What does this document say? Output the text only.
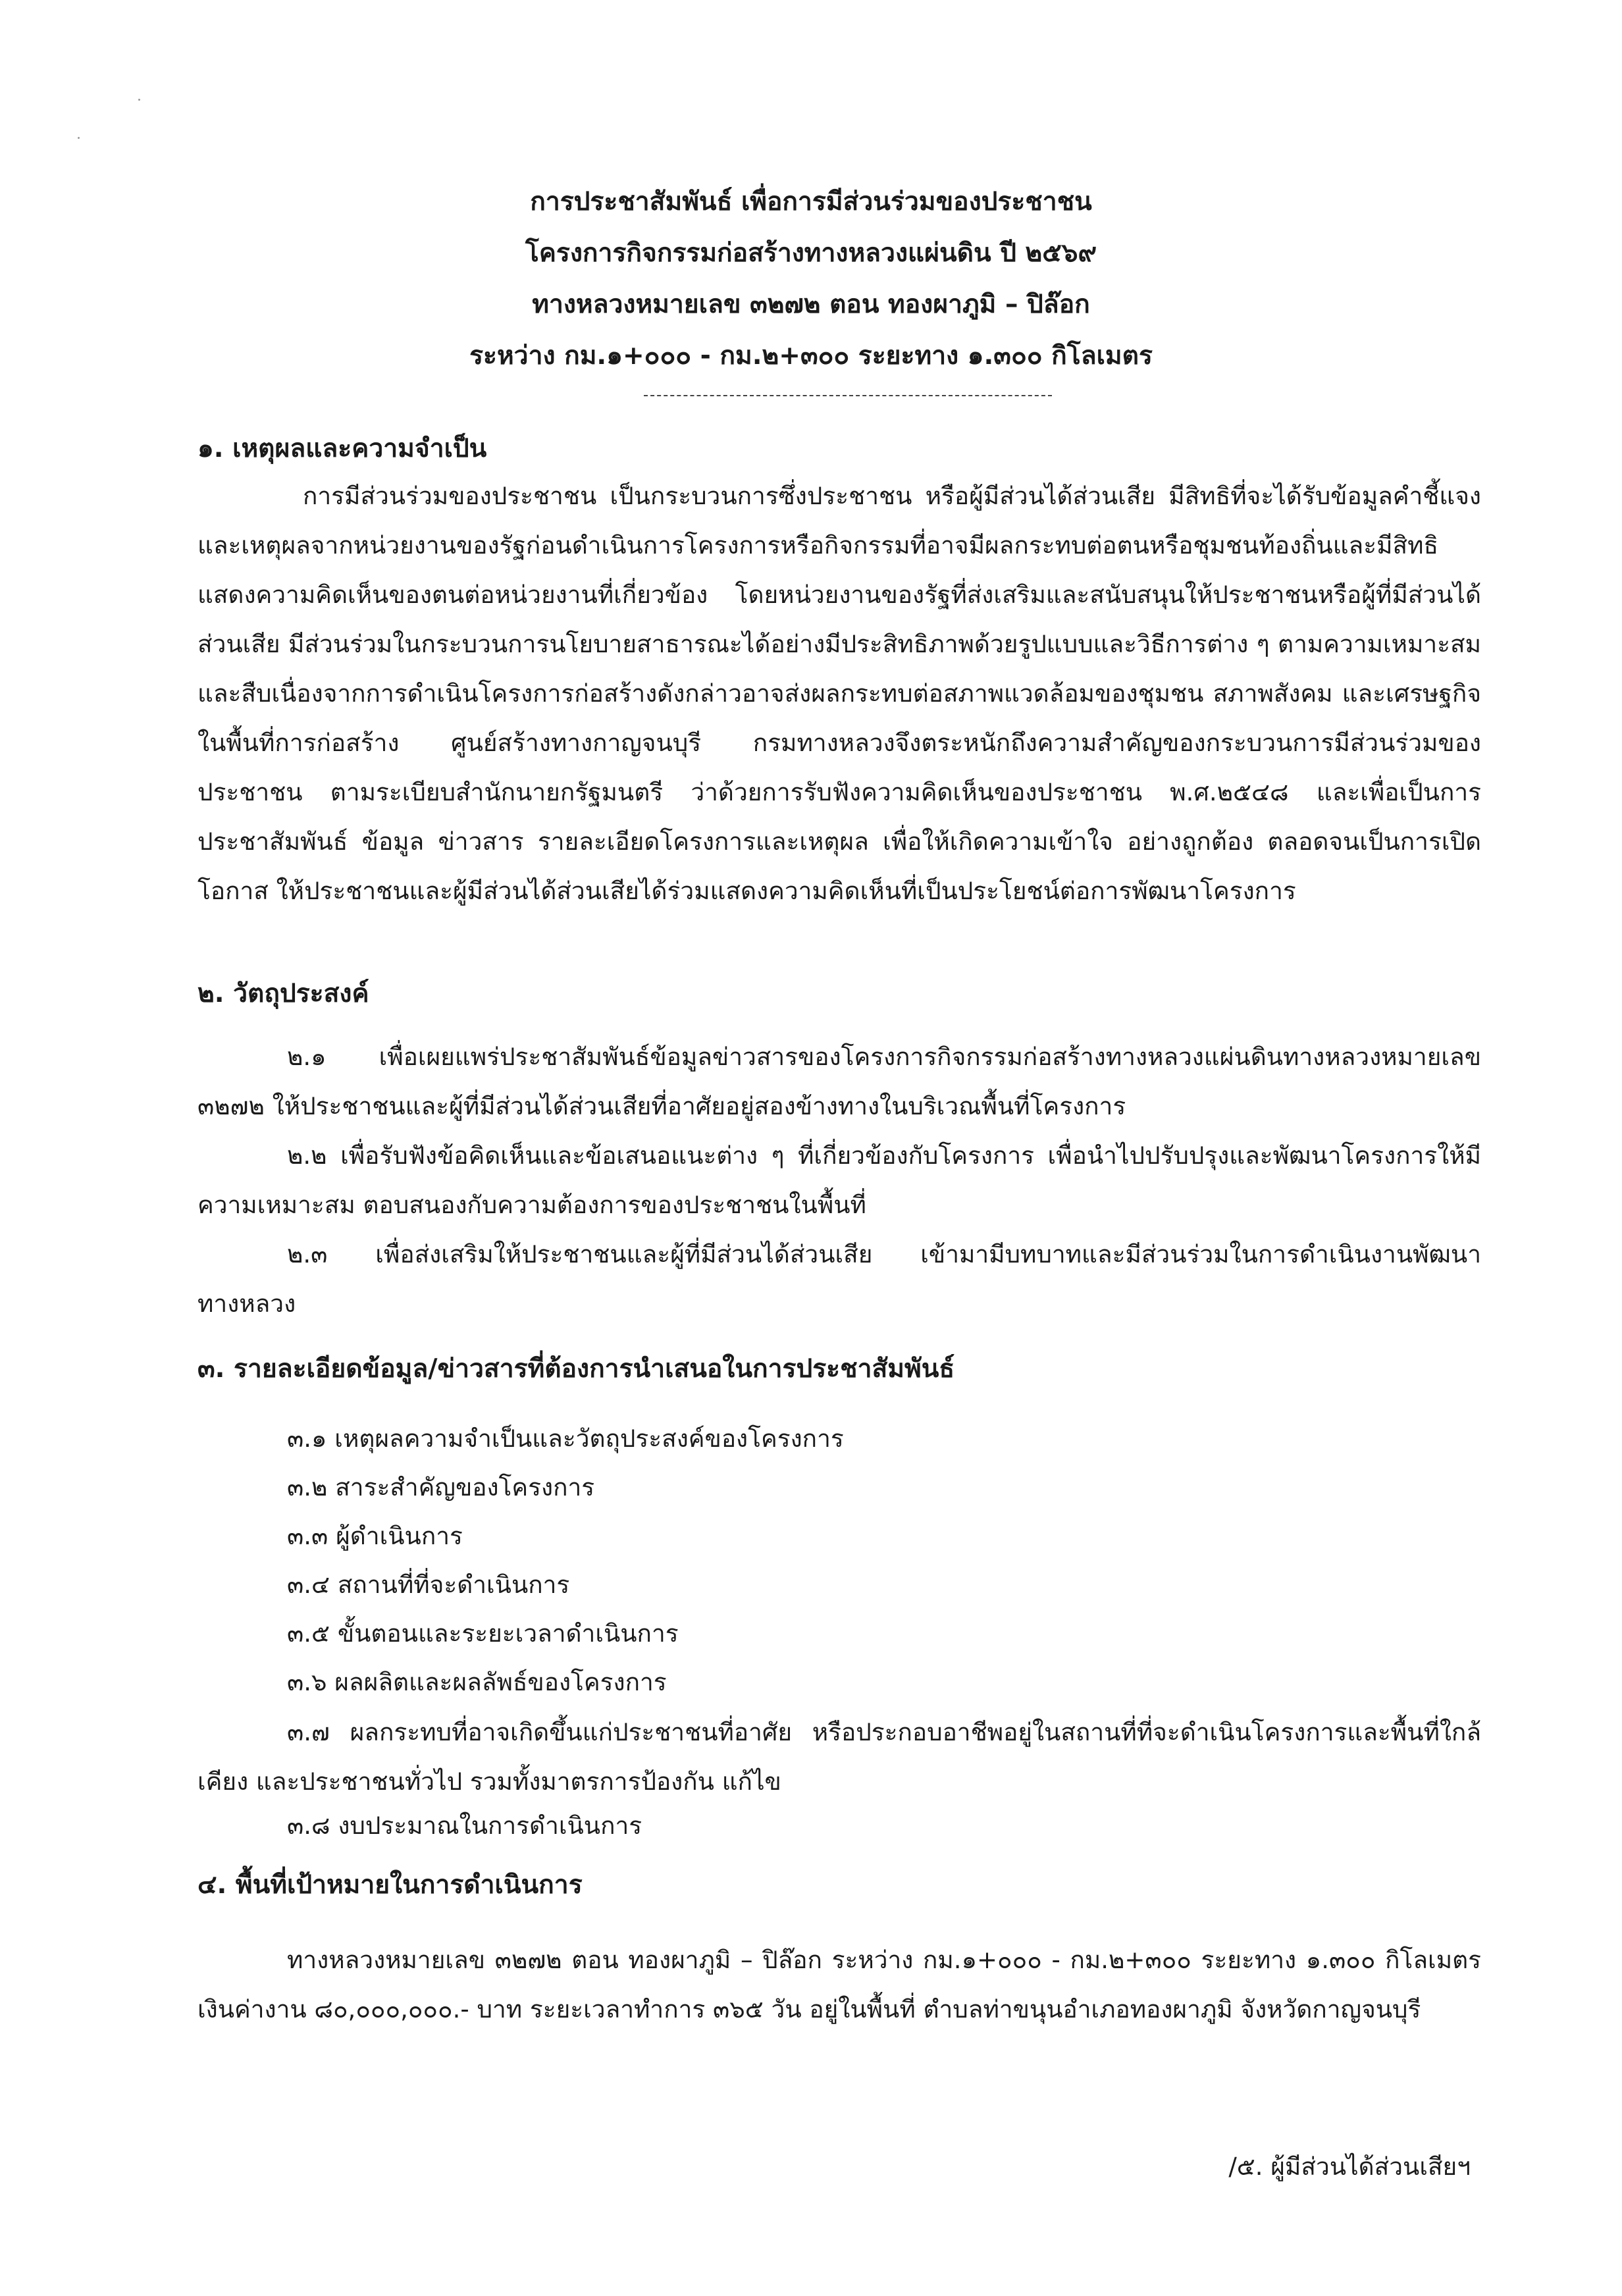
การประชาสัมพันธ์ เพื่อการมีส่วนร่วมของประชาชน
โครงการกิจกรรมก่อสร้างทางหลวงแผ่นดิน ปี ๒๕๖๙
ทางหลวงหมายเลข ๓๒๗๒ ตอน ทองผาภูมิ – ปิล๊อก
ระหว่าง กม.๑+๐๐๐ - กม.๒+๓๐๐ ระยะทาง ๑.๓๐๐ กิโลเมตร
๑. เหตุผลและความจำเป็น
การมีส่วนร่วมของประชาชน เป็นกระบวนการซึ่งประชาชน หรือผู้มีส่วนได้ส่วนเสีย มีสิทธิที่จะได้รับข้อมูลคำชี้แจง และเหตุผลจากหน่วยงานของรัฐก่อนดำเนินการโครงการหรือกิจกรรมที่อาจมีผลกระทบต่อตนหรือชุมชนท้องถิ่นและมีสิทธิ แสดงความคิดเห็นของตนต่อหน่วยงานที่เกี่ยวข้อง โดยหน่วยงานของรัฐที่ส่งเสริมและสนับสนุนให้ประชาชนหรือผู้ที่มีส่วนได้ส่วนเสีย มีส่วนร่วมในกระบวนการนโยบายสาธารณะได้อย่างมีประสิทธิภาพด้วยรูปแบบและวิธีการต่าง ๆ ตามความเหมาะสม และสืบเนื่องจากการดำเนินโครงการก่อสร้างดังกล่าวอาจส่งผลกระทบต่อสภาพแวดล้อมของชุมชน สภาพสังคม และเศรษฐกิจ ในพื้นที่การก่อสร้าง ศูนย์สร้างทางกาญจนบุรี กรมทางหลวงจึงตระหนักถึงความสำคัญของกระบวนการมีส่วนร่วมของประชาชน ตามระเบียบสำนักนายกรัฐมนตรี ว่าด้วยการรับฟังความคิดเห็นของประชาชน พ.ศ.๒๕๔๘ และเพื่อเป็นการประชาสัมพันธ์ ข้อมูล ข่าวสาร รายละเอียดโครงการและเหตุผล เพื่อให้เกิดความเข้าใจ อย่างถูกต้อง ตลอดจนเป็นการเปิดโอกาส ให้ประชาชนและผู้มีส่วนได้ส่วนเสียได้ร่วมแสดงความคิดเห็นที่เป็นประโยชน์ต่อการพัฒนาโครงการ
๒. วัตถุประสงค์
๒.๑ เพื่อเผยแพร่ประชาสัมพันธ์ข้อมูลข่าวสารของโครงการกิจกรรมก่อสร้างทางหลวงแผ่นดินทางหลวงหมายเลข ๓๒๗๒ ให้ประชาชนและผู้ที่มีส่วนได้ส่วนเสียที่อาศัยอยู่สองข้างทางในบริเวณพื้นที่โครงการ
๒.๒ เพื่อรับฟังข้อคิดเห็นและข้อเสนอแนะต่าง ๆ ที่เกี่ยวข้องกับโครงการ เพื่อนำไปปรับปรุงและพัฒนาโครงการให้มีความเหมาะสม ตอบสนองกับความต้องการของประชาชนในพื้นที่
๒.๓ เพื่อส่งเสริมให้ประชาชนและผู้ที่มีส่วนได้ส่วนเสีย เข้ามามีบทบาทและมีส่วนร่วมในการดำเนินงานพัฒนาทางหลวง
๓. รายละเอียดข้อมูล/ข่าวสารที่ต้องการนำเสนอในการประชาสัมพันธ์
๓.๑ เหตุผลความจำเป็นและวัตถุประสงค์ของโครงการ
๓.๒ สาระสำคัญของโครงการ
๓.๓ ผู้ดำเนินการ
๓.๔ สถานที่ที่จะดำเนินการ
๓.๕ ขั้นตอนและระยะเวลาดำเนินการ
๓.๖ ผลผลิตและผลลัพธ์ของโครงการ
๓.๗ ผลกระทบที่อาจเกิดขึ้นแก่ประชาชนที่อาศัย หรือประกอบอาชีพอยู่ในสถานที่ที่จะดำเนินโครงการและพื้นที่ใกล้เคียง และประชาชนทั่วไป รวมทั้งมาตรการป้องกัน แก้ไข
๓.๘ งบประมาณในการดำเนินการ
๔. พื้นที่เป้าหมายในการดำเนินการ
ทางหลวงหมายเลข ๓๒๗๒ ตอน ทองผาภูมิ – ปิล๊อก ระหว่าง กม.๑+๐๐๐ - กม.๒+๓๐๐ ระยะทาง ๑.๓๐๐ กิโลเมตร เงินค่างาน ๘๐,๐๐๐,๐๐๐.- บาท ระยะเวลาทำการ ๓๖๕ วัน อยู่ในพื้นที่ ตำบลท่าขนุนอำเภอทองผาภูมิ จังหวัดกาญจนบุรี
/๕. ผู้มีส่วนได้ส่วนเสียฯ
